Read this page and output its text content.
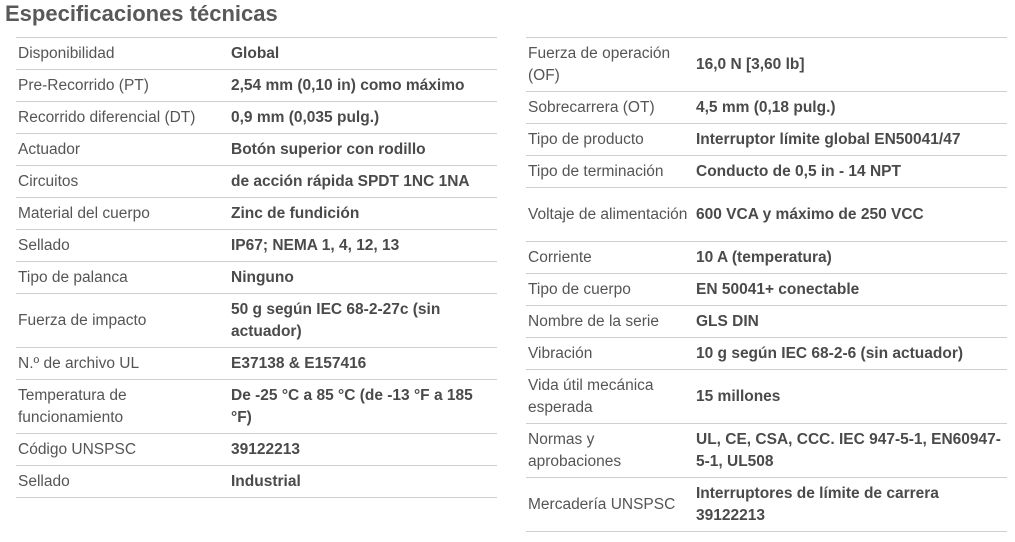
Especificaciones técnicas
Disponibilidad	Global
Pre-Recorrido (PT)	2,54 mm (0,10 in) como máximo
Recorrido diferencial (DT)	0,9 mm (0,035 pulg.)
Actuador	Botón superior con rodillo
Circuitos	de acción rápida SPDT 1NC 1NA
Material del cuerpo	Zinc de fundición
Sellado	IP67; NEMA 1, 4, 12, 13
Tipo de palanca	Ninguno
Fuerza de impacto	50 g según IEC 68-2-27c (sin actuador)
N.º de archivo UL	E37138 & E157416
Temperatura de funcionamiento	De -25 °C a 85 °C (de -13 °F a 185 °F)
Código UNSPSC	39122213
Sellado	Industrial
Fuerza de operación (OF)	16,0 N [3,60 lb]
Sobrecarrera (OT)	4,5 mm (0,18 pulg.)
Tipo de producto	Interruptor límite global EN50041/47
Tipo de terminación	Conducto de 0,5 in - 14 NPT
Voltaje de alimentación	600 VCA y máximo de 250 VCC
Corriente	10 A (temperatura)
Tipo de cuerpo	EN 50041+ conectable
Nombre de la serie	GLS DIN
Vibración	10 g según IEC 68-2-6 (sin actuador)
Vida útil mecánica esperada	15 millones
Normas y aprobaciones	UL, CE, CSA, CCC. IEC 947-5-1, EN60947-5-1, UL508
Mercadería UNSPSC	Interruptores de límite de carrera 39122213
